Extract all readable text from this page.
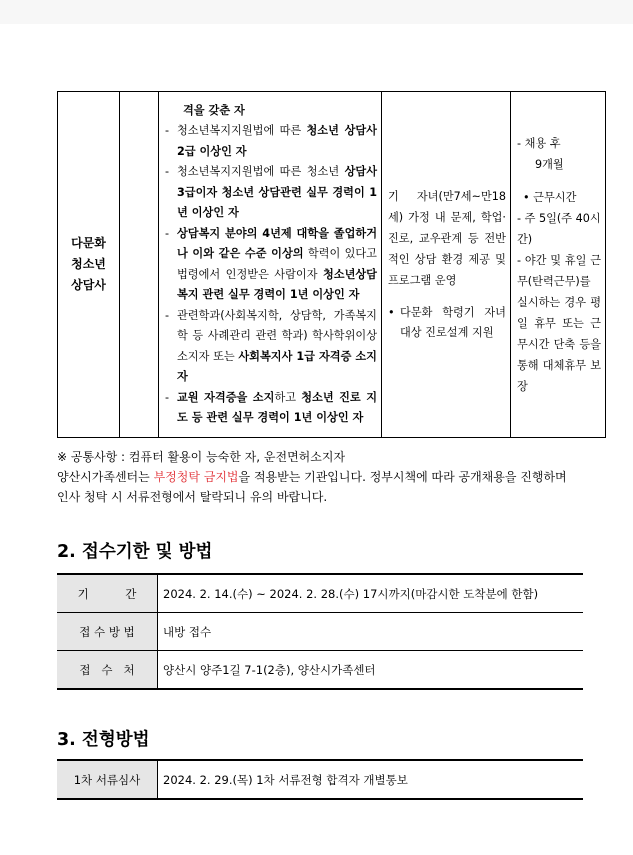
다문화
청소년
상담사

격을 갖춘 자
- 청소년복지지원법에 따른 청소년 상담사 2급 이상인 자
- 청소년복지지원법에 따른 청소년 상담사 3급이자 청소년 상담관련 실무 경력이 1년 이상인 자
- 상담복지 분야의 4년제 대학을 졸업하거나 이와 같은 수준 이상의 학력이 있다고 법령에서 인정받은 사람이자 청소년상담복지 관련 실무 경력이 1년 이상인 자
- 관련학과(사회복지학, 상담학, 가족복지학 등 사례관리 관련 학과) 학사학위이상 소지자 또는 사회복지사 1급 자격증 소지자
- 교원 자격증을 소지하고 청소년 진로 지도 등 관련 실무 경력이 1년 이상인 자

기 자녀(만7세~만18세) 가정 내 문제, 학업·진로, 교우관계 등 전반적인 상담 환경 제공 및 프로그램 운영
• 다문화 학령기 자녀 대상 진로설계 지원

- 채용 후
9개월
• 근무시간
- 주 5일(주 40시간)
- 야간 및 휴일 근무(탄력근무)를 실시하는 경우 평일 휴무 또는 근무시간 단축 등을 통해 대체휴무 보장

※ 공통사항 : 컴퓨터 활용이 능숙한 자, 운전면허소지자

양산시가족센터는 부정청탁 금지법을 적용받는 기관입니다. 정부시책에 따라 공개채용을 진행하며 인사 청탁 시 서류전형에서 탈락되니 유의 바랍니다.

2. 접수기한 및 방법
기          간	2024. 2. 14.(수) ~ 2024. 2. 28.(수) 17시까지(마감시한 도착분에 한함)
접 수 방 법	내방 접수
접   수   처	양산시 양주1길 7-1(2층), 양산시가족센터
3. 전형방법
1차 서류심사	2024. 2. 29.(목) 1차 서류전형 합격자 개별통보
